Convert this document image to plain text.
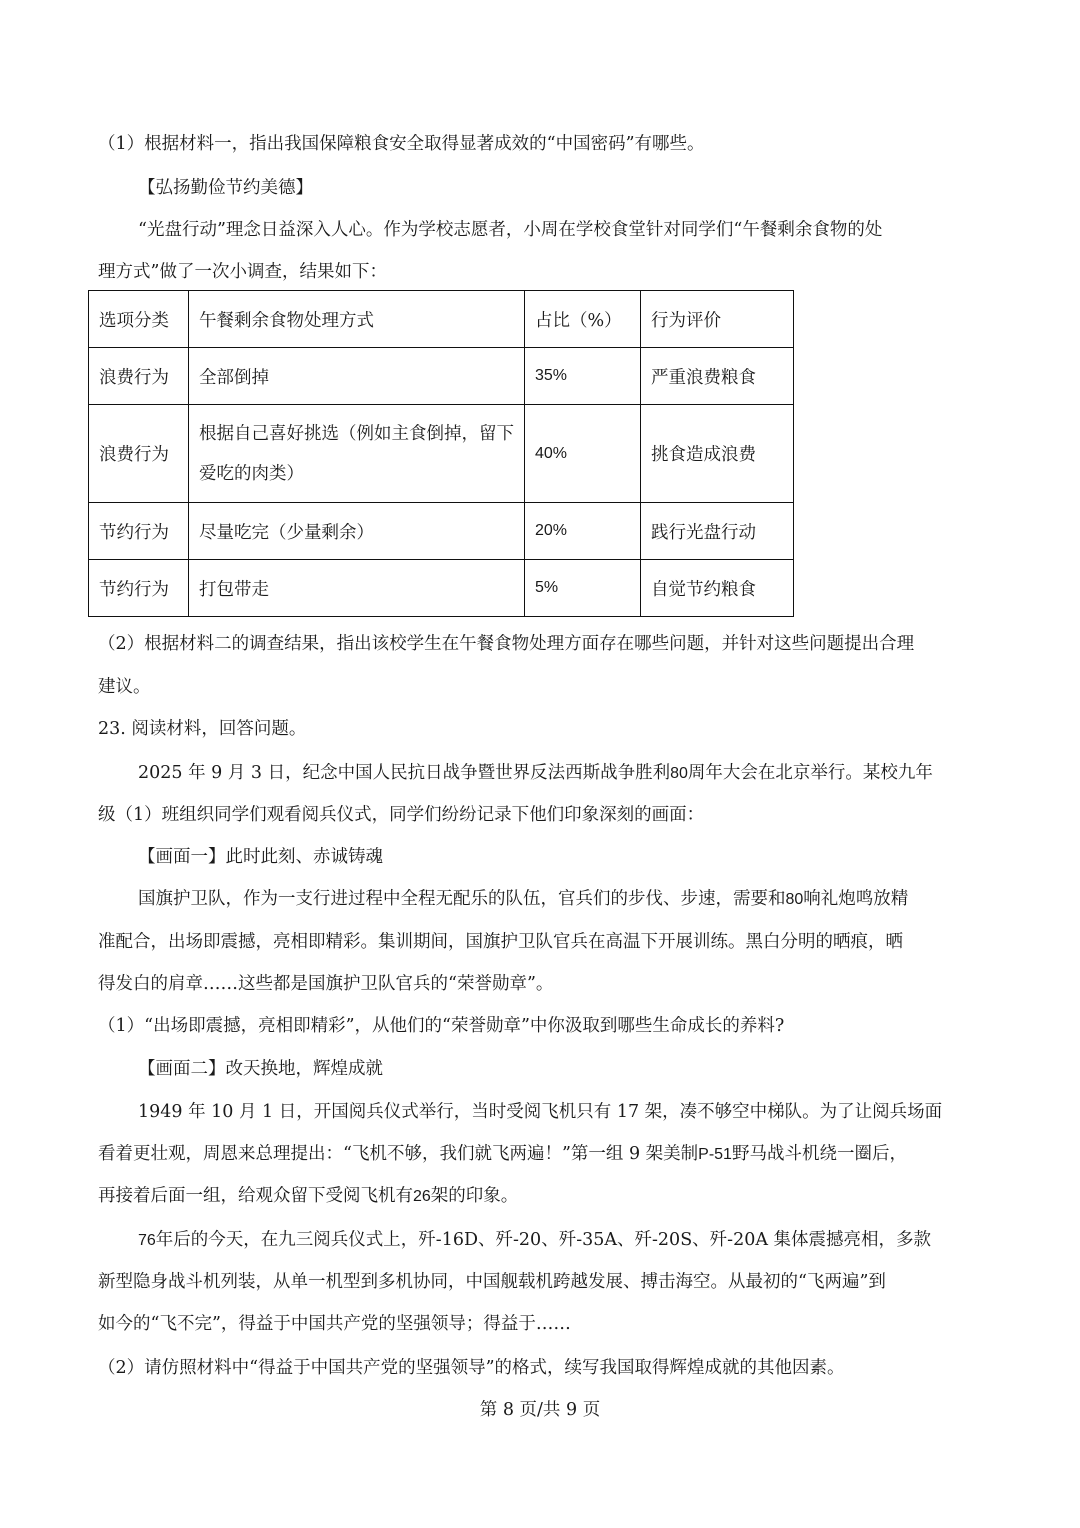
（1）根据材料一，指出我国保障粮食安全取得显著成效的“中国密码”有哪些。
【弘扬勤俭节约美德】
“光盘行动”理念日益深入人心。作为学校志愿者，小周在学校食堂针对同学们“午餐剩余食物的处
理方式”做了一次小调查，结果如下：
选项分类	午餐剩余食物处理方式	占比（%）	行为评价
浪费行为	全部倒掉	35%	严重浪费粮食
浪费行为	根据自己喜好挑选（例如主食倒掉，留下爱吃的肉类）	40%	挑食造成浪费
节约行为	尽量吃完（少量剩余）	20%	践行光盘行动
节约行为	打包带走	5%	自觉节约粮食
（2）根据材料二的调查结果，指出该校学生在午餐食物处理方面存在哪些问题，并针对这些问题提出合理
建议。
23. 阅读材料，回答问题。
2025 年 9 月 3 日，纪念中国人民抗日战争暨世界反法西斯战争胜利80周年大会在北京举行。某校九年
级（1）班组织同学们观看阅兵仪式，同学们纷纷记录下他们印象深刻的画面：
【画面一】此时此刻、赤诚铸魂
国旗护卫队，作为一支行进过程中全程无配乐的队伍，官兵们的步伐、步速，需要和80响礼炮鸣放精
准配合，出场即震撼，亮相即精彩。集训期间，国旗护卫队官兵在高温下开展训练。黑白分明的晒痕，晒
得发白的肩章……这些都是国旗护卫队官兵的“荣誉勋章”。
（1）“出场即震撼，亮相即精彩”，从他们的“荣誉勋章”中你汲取到哪些生命成长的养料?
【画面二】改天换地，辉煌成就
1949 年 10 月 1 日，开国阅兵仪式举行，当时受阅飞机只有 17 架，凑不够空中梯队。为了让阅兵场面
看着更壮观，周恩来总理提出：“飞机不够，我们就飞两遍！”第一组 9 架美制P-51野马战斗机绕一圈后，
再接着后面一组，给观众留下受阅飞机有26架的印象。
76年后的今天，在九三阅兵仪式上，歼-16D、歼-20、歼-35A、歼-20S、歼-20A 集体震撼亮相，多款
新型隐身战斗机列装，从单一机型到多机协同，中国舰载机跨越发展、搏击海空。从最初的“飞两遍”到
如今的“飞不完”，得益于中国共产党的坚强领导；得益于……
（2）请仿照材料中“得益于中国共产党的坚强领导”的格式，续写我国取得辉煌成就的其他因素。
第 8 页/共 9 页
